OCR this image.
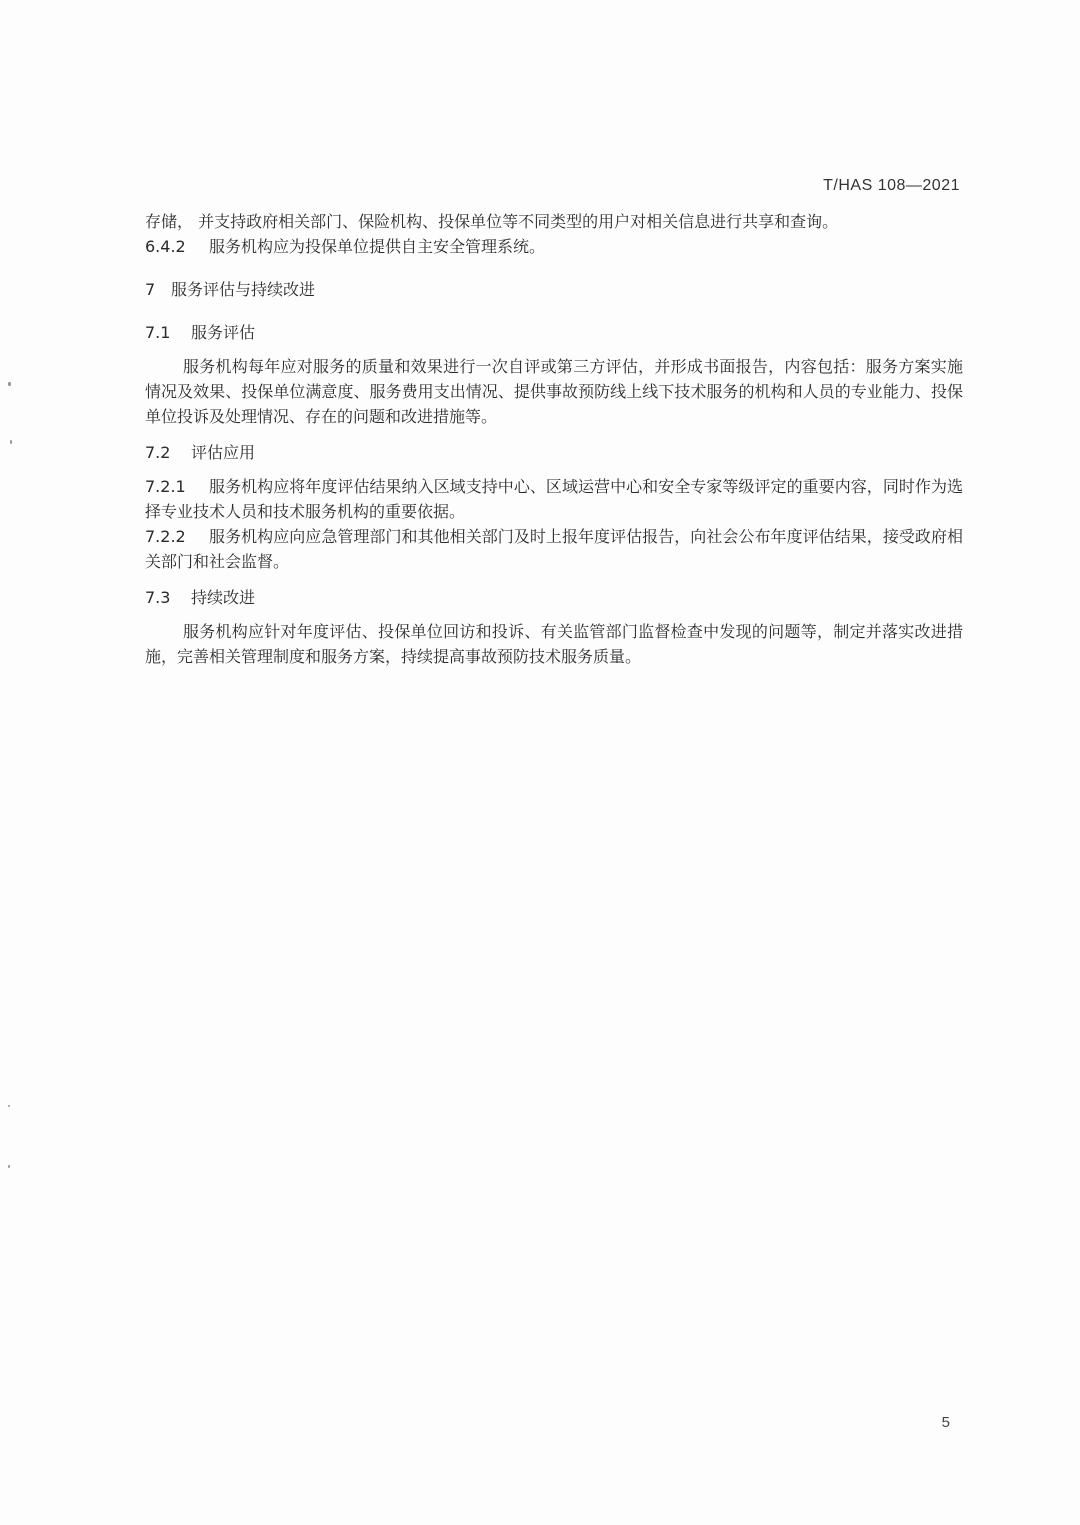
T/HAS 108—2021

存储， 并支持政府相关部门、保险机构、投保单位等不同类型的用户对相关信息进行共享和查询。

6.4.2 服务机构应为投保单位提供自主安全管理系统。

7 服务评估与持续改进

7.1 服务评估

服务机构每年应对服务的质量和效果进行一次自评或第三方评估，并形成书面报告，内容包括：服务方案实施情况及效果、投保单位满意度、服务费用支出情况、提供事故预防线上线下技术服务的机构和人员的专业能力、投保单位投诉及处理情况、存在的问题和改进措施等。

7.2 评估应用

7.2.1 服务机构应将年度评估结果纳入区域支持中心、区域运营中心和安全专家等级评定的重要内容，同时作为选择专业技术人员和技术服务机构的重要依据。

7.2.2 服务机构应向应急管理部门和其他相关部门及时上报年度评估报告，向社会公布年度评估结果，接受政府相关部门和社会监督。

7.3 持续改进

服务机构应针对年度评估、投保单位回访和投诉、有关监管部门监督检查中发现的问题等，制定并落实改进措施，完善相关管理制度和服务方案，持续提高事故预防技术服务质量。

5
